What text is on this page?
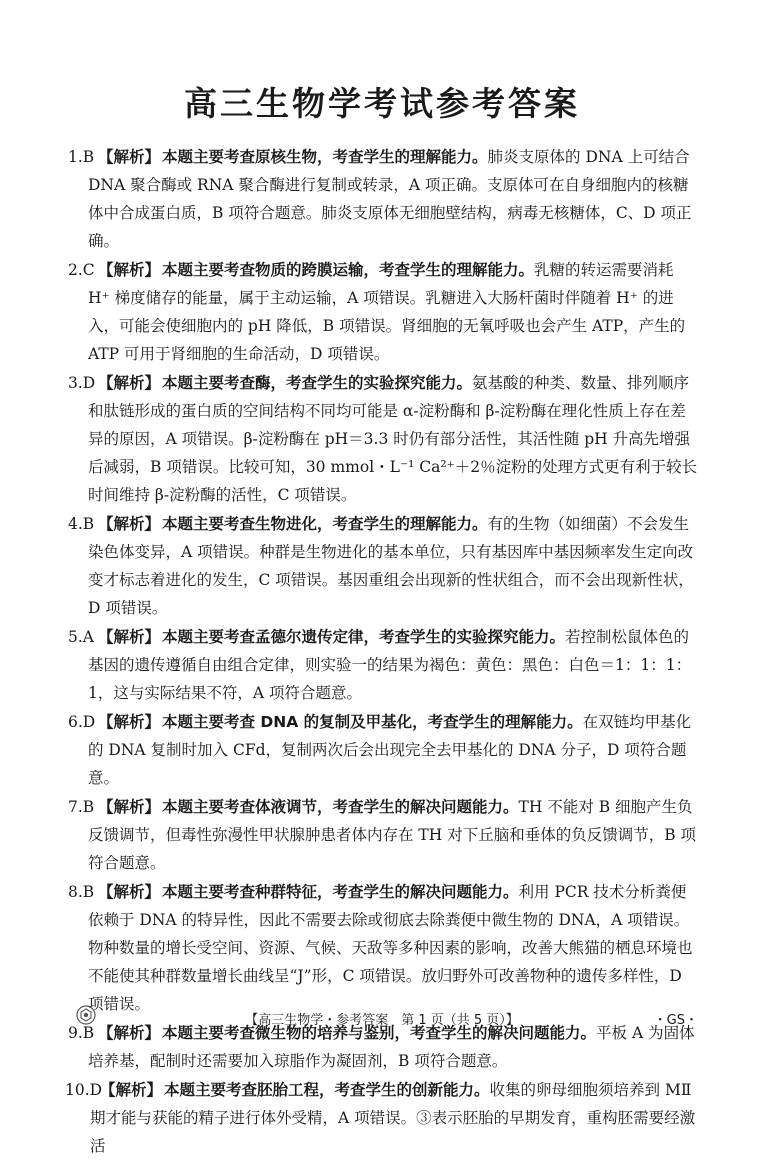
高三生物学考试参考答案
1.B 【解析】 本题主要考查原核生物，考查学生的理解能力。肺炎支原体的 DNA 上可结合 DNA 聚合酶或 RNA 聚合酶进行复制或转录，A 项正确。支原体可在自身细胞内的核糖体中合成蛋白质，B 项符合题意。肺炎支原体无细胞壁结构，病毒无核糖体，C、D 项正确。
2.C 【解析】 本题主要考查物质的跨膜运输，考查学生的理解能力。乳糖的转运需要消耗 H⁺ 梯度储存的能量，属于主动运输，A 项错误。乳糖进入大肠杆菌时伴随着 H⁺ 的进入，可能会使细胞内的 pH 降低，B 项错误。肾细胞的无氧呼吸也会产生 ATP，产生的 ATP 可用于肾细胞的生命活动，D 项错误。
3.D 【解析】 本题主要考查酶，考查学生的实验探究能力。氨基酸的种类、数量、排列顺序和肽链形成的蛋白质的空间结构不同均可能是 α-淀粉酶和 β-淀粉酶在理化性质上存在差异的原因，A 项错误。β-淀粉酶在 pH＝3.3 时仍有部分活性，其活性随 pH 升高先增强后减弱，B 项错误。比较可知，30 mmol・L⁻¹ Ca²⁺＋2％淀粉的处理方式更有利于较长时间维持 β-淀粉酶的活性，C 项错误。
4.B 【解析】 本题主要考查生物进化，考查学生的理解能力。有的生物（如细菌）不会发生染色体变异，A 项错误。种群是生物进化的基本单位，只有基因库中基因频率发生定向改变才标志着进化的发生，C 项错误。基因重组会出现新的性状组合，而不会出现新性状，D 项错误。
5.A 【解析】 本题主要考查孟德尔遗传定律，考查学生的实验探究能力。若控制松鼠体色的基因的遗传遵循自由组合定律，则实验一的结果为褐色：黄色：黑色：白色＝1：1：1：1，这与实际结果不符，A 项符合题意。
6.D 【解析】 本题主要考查 DNA 的复制及甲基化，考查学生的理解能力。在双链均甲基化的 DNA 复制时加入 CFd，复制两次后会出现完全去甲基化的 DNA 分子，D 项符合题意。
7.B 【解析】 本题主要考查体液调节，考查学生的解决问题能力。TH 不能对 B 细胞产生负反馈调节，但毒性弥漫性甲状腺肿患者体内存在 TH 对下丘脑和垂体的负反馈调节，B 项符合题意。
8.B 【解析】 本题主要考查种群特征，考查学生的解决问题能力。利用 PCR 技术分析粪便依赖于 DNA 的特异性，因此不需要去除或彻底去除粪便中微生物的 DNA，A 项错误。物种数量的增长受空间、资源、气候、天敌等多种因素的影响，改善大熊猫的栖息环境也不能使其种群数量增长曲线呈“J”形，C 项错误。放归野外可改善物种的遗传多样性，D 项错误。
9.B 【解析】 本题主要考查微生物的培养与鉴别，考查学生的解决问题能力。平板 A 为固体培养基，配制时还需要加入琼脂作为凝固剂，B 项符合题意。
10.D
【解析】 本题主要考查胚胎工程，考查学生的创新能力。收集的卵母细胞须培养到 MⅡ 期才能与获能的精子进行体外受精，A 项错误。③表示胚胎的早期发育，重构胚需要经激活
【高三生物学・参考答案　第 1 页（共 5 页）】	・GS・
